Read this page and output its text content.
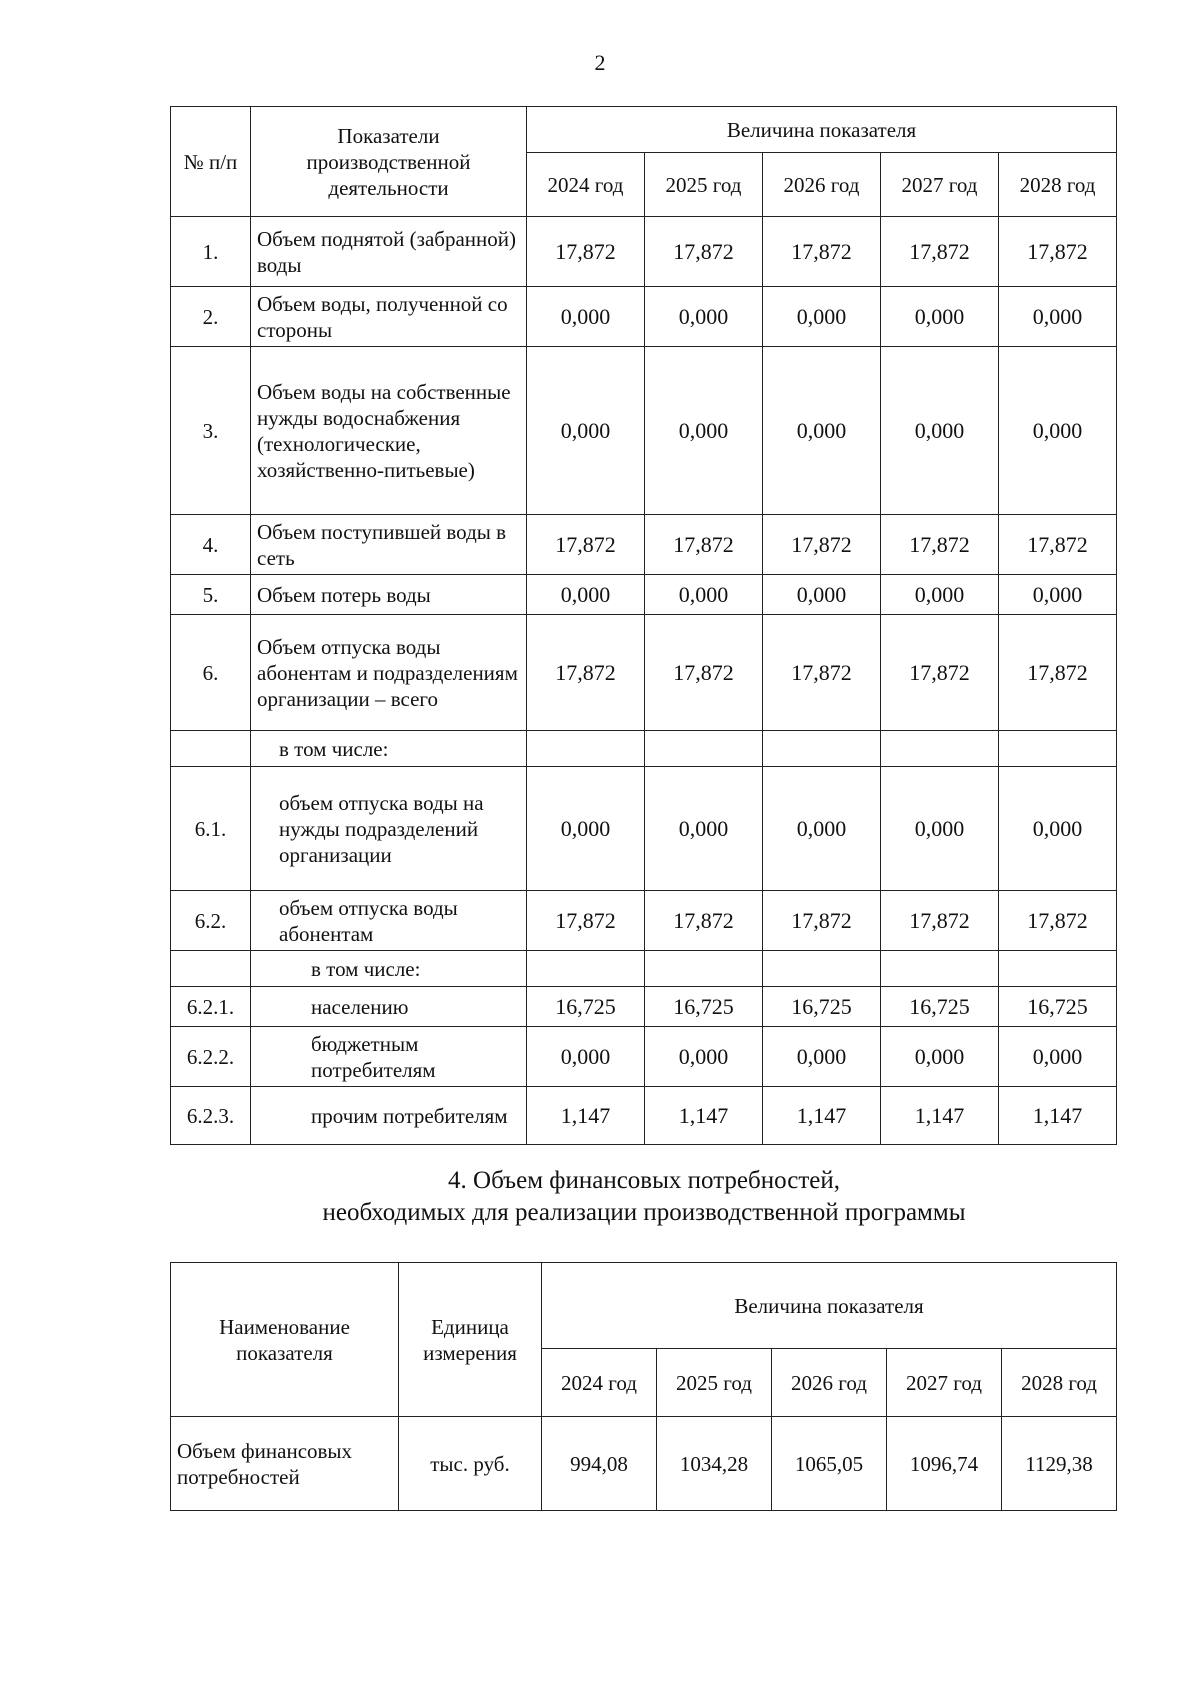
2
№ п/п	Показатели производственной деятельности	Величина показателя				
		2024 год	2025 год	2026 год	2027 год	2028 год
1.	Объем поднятой (забранной) воды	17,872	17,872	17,872	17,872	17,872
2.	Объем воды, полученной со стороны	0,000	0,000	0,000	0,000	0,000
3.	Объем воды на собственные нужды водоснабжения (технологические, хозяйственно-питьевые)	0,000	0,000	0,000	0,000	0,000
4.	Объем поступившей воды в сеть	17,872	17,872	17,872	17,872	17,872
5.	Объем потерь воды	0,000	0,000	0,000	0,000	0,000
6.	Объем отпуска воды абонентам и подразделениям организации – всего	17,872	17,872	17,872	17,872	17,872
	в том числе:					
6.1.	объем отпуска воды на нужды подразделений организации	0,000	0,000	0,000	0,000	0,000
6.2.	объем отпуска воды абонентам	17,872	17,872	17,872	17,872	17,872
	в том числе:					
6.2.1.	населению	16,725	16,725	16,725	16,725	16,725
6.2.2.	бюджетным потребителям	0,000	0,000	0,000	0,000	0,000
6.2.3.	прочим потребителям	1,147	1,147	1,147	1,147	1,147
4. Объем финансовых потребностей,
необходимых для реализации производственной программы
Наименование показателя	Единица измерения	Величина показателя				
		2024 год	2025 год	2026 год	2027 год	2028 год
Объем финансовых потребностей	тыс. руб.	994,08	1034,28	1065,05	1096,74	1129,38
